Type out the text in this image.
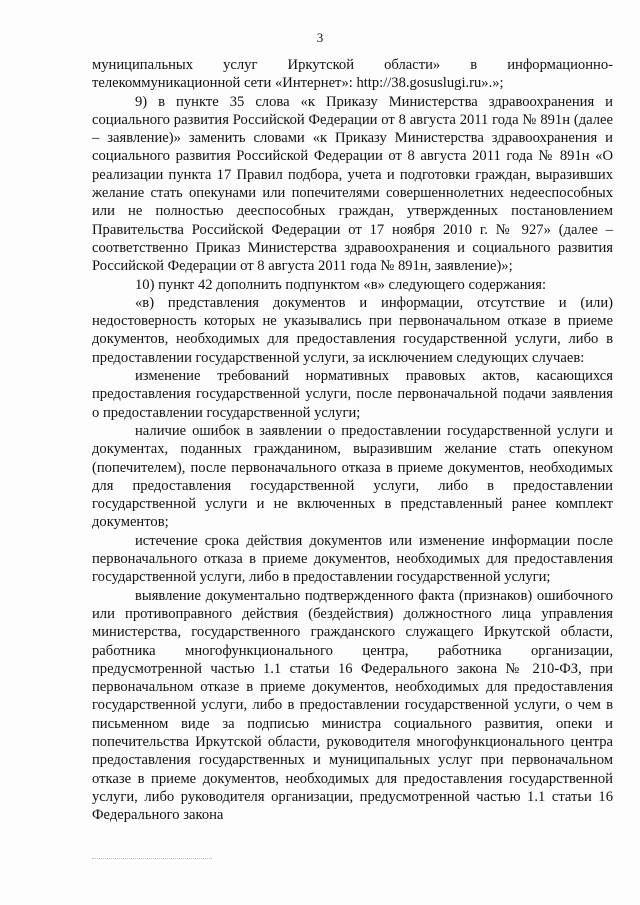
3

муниципальных услуг Иркутской области» в информационно-телекоммуникационной сети «Интернет»: http://38.gosuslugi.ru».»;

9) в пункте 35 слова «к Приказу Министерства здравоохранения и социального развития Российской Федерации от 8 августа 2011 года № 891н (далее – заявление)» заменить словами «к Приказу Министерства здравоохранения и социального развития Российской Федерации от 8 августа 2011 года № 891н «О реализации пункта 17 Правил подбора, учета и подготовки граждан, выразивших желание стать опекунами или попечителями совершеннолетних недееспособных или не полностью дееспособных граждан, утвержденных постановлением Правительства Российской Федерации от 17 ноября 2010 г. № 927» (далее – соответственно Приказ Министерства здравоохранения и социального развития Российской Федерации от 8 августа 2011 года № 891н, заявление)»;

10) пункт 42 дополнить подпунктом «в» следующего содержания:

«в) представления документов и информации, отсутствие и (или) недостоверность которых не указывались при первоначальном отказе в приеме документов, необходимых для предоставления государственной услуги, либо в предоставлении государственной услуги, за исключением следующих случаев:

изменение требований нормативных правовых актов, касающихся предоставления государственной услуги, после первоначальной подачи заявления о предоставлении государственной услуги;

наличие ошибок в заявлении о предоставлении государственной услуги и документах, поданных гражданином, выразившим желание стать опекуном (попечителем), после первоначального отказа в приеме документов, необходимых для предоставления государственной услуги, либо в предоставлении государственной услуги и не включенных в представленный ранее комплект документов;

истечение срока действия документов или изменение информации после первоначального отказа в приеме документов, необходимых для предоставления государственной услуги, либо в предоставлении государственной услуги;

выявление документально подтвержденного факта (признаков) ошибочного или противоправного действия (бездействия) должностного лица управления министерства, государственного гражданского служащего Иркутской области, работника многофункционального центра, работника организации, предусмотренной частью 1.1 статьи 16 Федерального закона № 210-ФЗ, при первоначальном отказе в приеме документов, необходимых для предоставления государственной услуги, либо в предоставлении государственной услуги, о чем в письменном виде за подписью министра социального развития, опеки и попечительства Иркутской области, руководителя многофункционального центра предоставления государственных и муниципальных услуг при первоначальном отказе в приеме документов, необходимых для предоставления государственной услуги, либо руководителя организации, предусмотренной частью 1.1 статьи 16 Федерального закона
